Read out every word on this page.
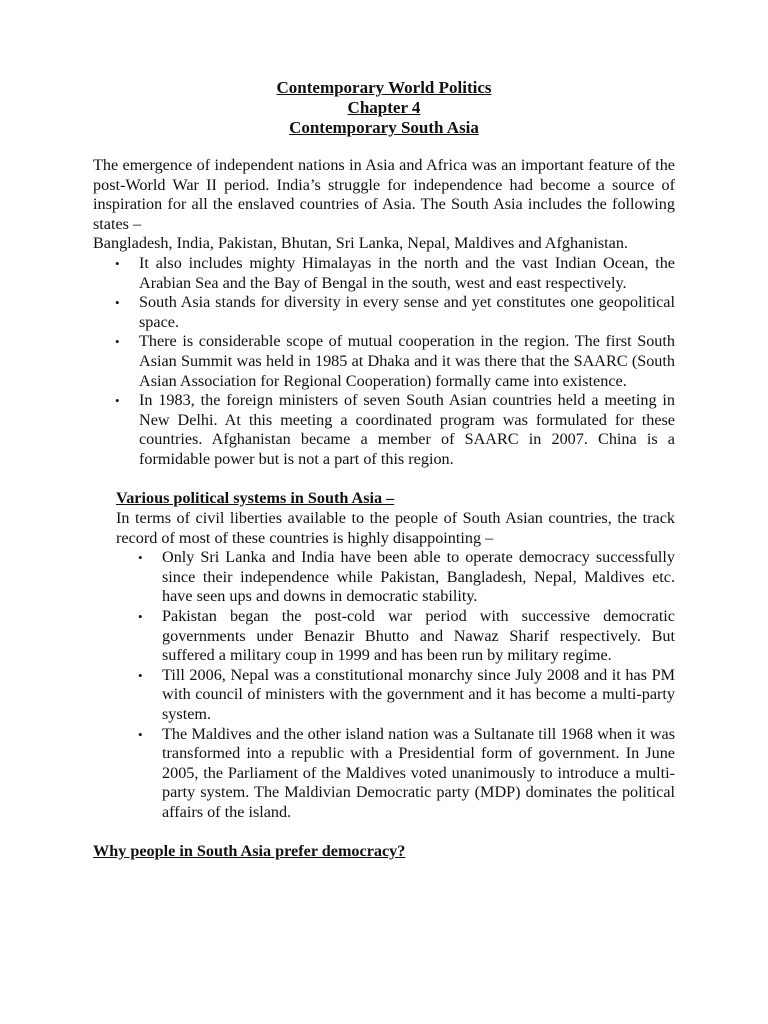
Contemporary World Politics
Chapter 4
Contemporary South Asia

The emergence of independent nations in Asia and Africa was an important feature of the post-World War II period. India’s struggle for independence had become a source of inspiration for all the enslaved countries of Asia. The South Asia includes the following states –

Bangladesh, India, Pakistan, Bhutan, Sri Lanka, Nepal, Maldives and Afghanistan.

• It also includes mighty Himalayas in the north and the vast Indian Ocean, the Arabian Sea and the Bay of Bengal in the south, west and east respectively.
• South Asia stands for diversity in every sense and yet constitutes one geopolitical space.
• There is considerable scope of mutual cooperation in the region. The first South Asian Summit was held in 1985 at Dhaka and it was there that the SAARC (South Asian Association for Regional Cooperation) formally came into existence.
• In 1983, the foreign ministers of seven South Asian countries held a meeting in New Delhi. At this meeting a coordinated program was formulated for these countries. Afghanistan became a member of SAARC in 2007. China is a formidable power but is not a part of this region.
Various political systems in South Asia –

In terms of civil liberties available to the people of South Asian countries, the track record of most of these countries is highly disappointing –

• Only Sri Lanka and India have been able to operate democracy successfully since their independence while Pakistan, Bangladesh, Nepal, Maldives etc. have seen ups and downs in democratic stability.
• Pakistan began the post-cold war period with successive democratic governments under Benazir Bhutto and Nawaz Sharif respectively. But suffered a military coup in 1999 and has been run by military regime.
• Till 2006, Nepal was a constitutional monarchy since July 2008 and it has PM with council of ministers with the government and it has become a multi-party system.
• The Maldives and the other island nation was a Sultanate till 1968 when it was transformed into a republic with a Presidential form of government. In June 2005, the Parliament of the Maldives voted unanimously to introduce a multi-party system. The Maldivian Democratic party (MDP) dominates the political affairs of the island.
Why people in South Asia prefer democracy?
